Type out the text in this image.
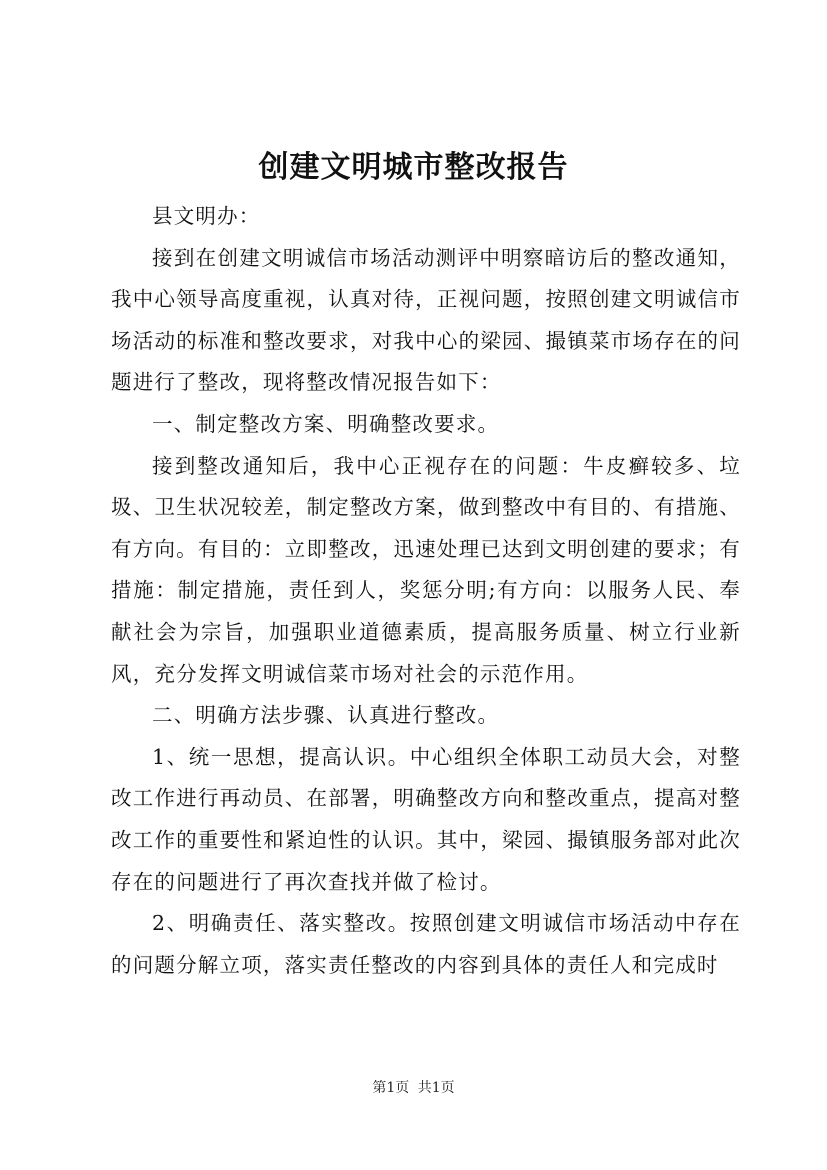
创建文明城市整改报告

县文明办：

接到在创建文明诚信市场活动测评中明察暗访后的整改通知，我中心领导高度重视，认真对待，正视问题，按照创建文明诚信市场活动的标准和整改要求，对我中心的梁园、撮镇菜市场存在的问题进行了整改，现将整改情况报告如下：

一、制定整改方案、明确整改要求。

接到整改通知后，我中心正视存在的问题：牛皮癣较多、垃圾、卫生状况较差，制定整改方案，做到整改中有目的、有措施、有方向。有目的：立即整改，迅速处理已达到文明创建的要求；有措施：制定措施，责任到人，奖惩分明;有方向：以服务人民、奉献社会为宗旨，加强职业道德素质，提高服务质量、树立行业新风，充分发挥文明诚信菜市场对社会的示范作用。

二、明确方法步骤、认真进行整改。

1、统一思想，提高认识。中心组织全体职工动员大会，对整改工作进行再动员、在部署，明确整改方向和整改重点，提高对整改工作的重要性和紧迫性的认识。其中，梁园、撮镇服务部对此次存在的问题进行了再次查找并做了检讨。

2、明确责任、落实整改。按照创建文明诚信市场活动中存在的问题分解立项，落实责任整改的内容到具体的责任人和完成时

第1页 共1页
